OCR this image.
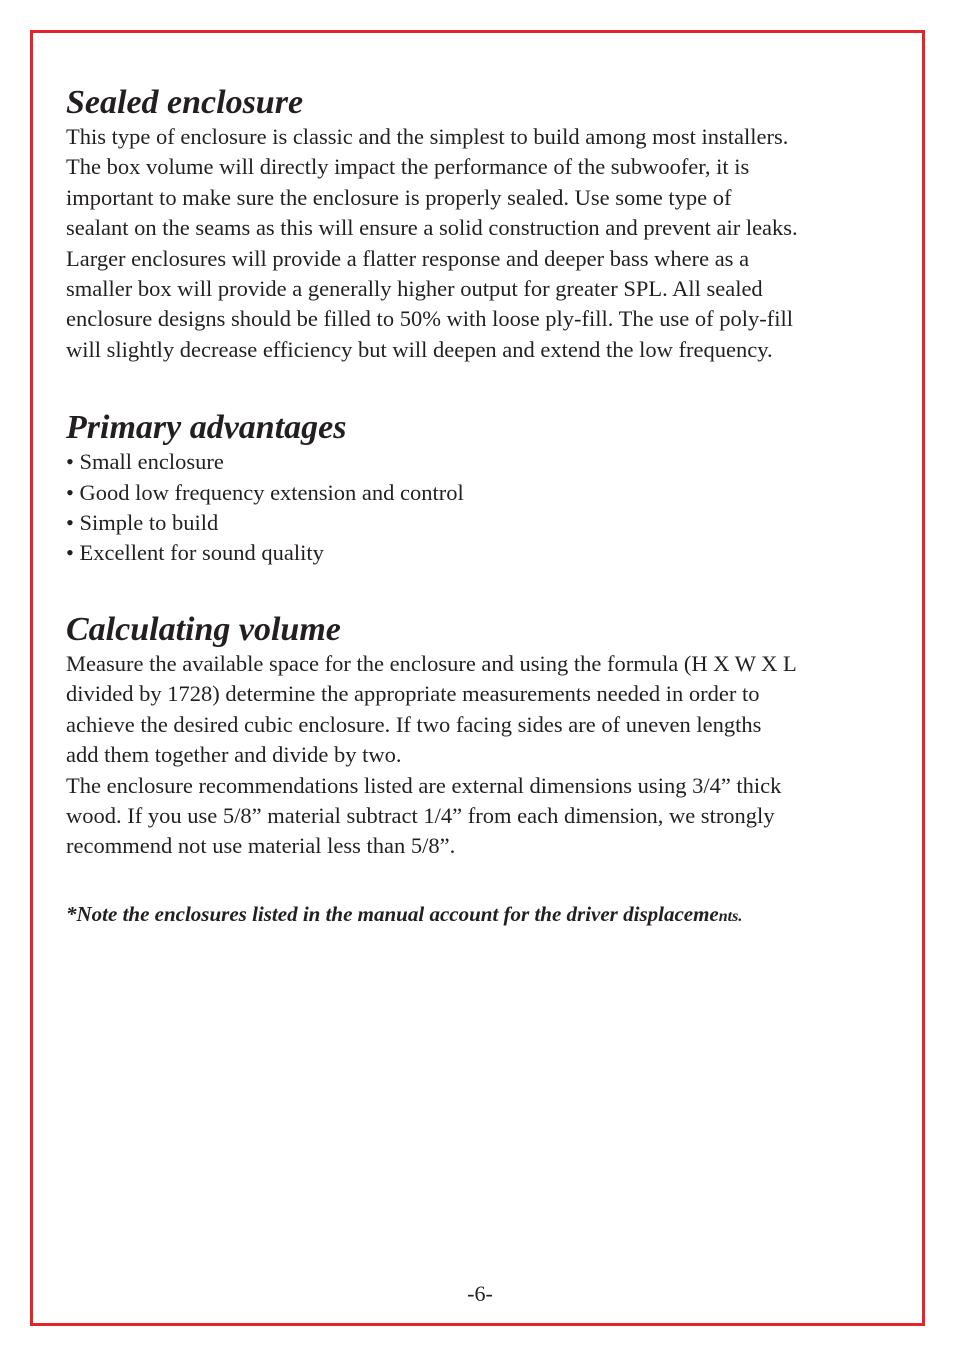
Sealed enclosure

This type of enclosure is classic and the simplest to build among most installers.
The box volume will directly impact the performance of the subwoofer, it is
important to make sure the enclosure is properly sealed. Use some type of
sealant on the seams as this will ensure a solid construction and prevent air leaks.
Larger enclosures will provide a flatter response and deeper bass where as a
smaller box will provide a generally higher output for greater SPL. All sealed
enclosure designs should be filled to 50% with loose ply-fill. The use of poly-fill
will slightly decrease efficiency but will deepen and extend the low frequency.

Primary advantages
• Small enclosure
• Good low frequency extension and control
• Simple to build
• Excellent for sound quality
Calculating volume

Measure the available space for the enclosure and using the formula (H X W X L
divided by 1728) determine the appropriate measurements needed in order to
achieve the desired cubic enclosure. If two facing sides are of uneven lengths
add them together and divide by two.
The enclosure recommendations listed are external dimensions using 3/4” thick
wood. If you use 5/8” material subtract 1/4” from each dimension, we strongly
recommend not use material less than 5/8”.

*Note the enclosures listed in the manual account for the driver displacements.
-6-
